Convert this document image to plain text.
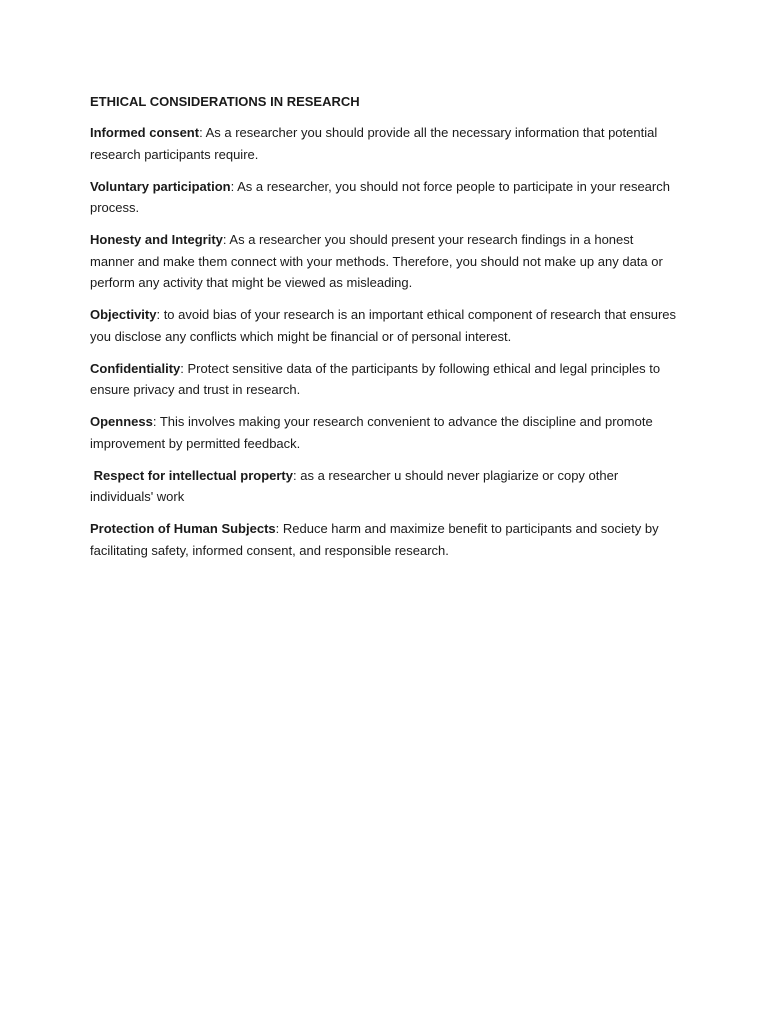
ETHICAL CONSIDERATIONS IN RESEARCH

Informed consent: As a researcher you should provide all the necessary information that potential research participants require.

Voluntary participation: As a researcher, you should not force people to participate in your research process.

Honesty and Integrity: As a researcher you should present your research findings in a honest manner and make them connect with your methods. Therefore, you should not make up any data or perform any activity that might be viewed as misleading.

Objectivity: to avoid bias of your research is an important ethical component of research that ensures you disclose any conflicts which might be financial or of personal interest.

Confidentiality: Protect sensitive data of the participants by following ethical and legal principles to ensure privacy and trust in research.

Openness: This involves making your research convenient to advance the discipline and promote improvement by permitted feedback.

Respect for intellectual property: as a researcher u should never plagiarize or copy other individuals' work

Protection of Human Subjects: Reduce harm and maximize benefit to participants and society by facilitating safety, informed consent, and responsible research.
